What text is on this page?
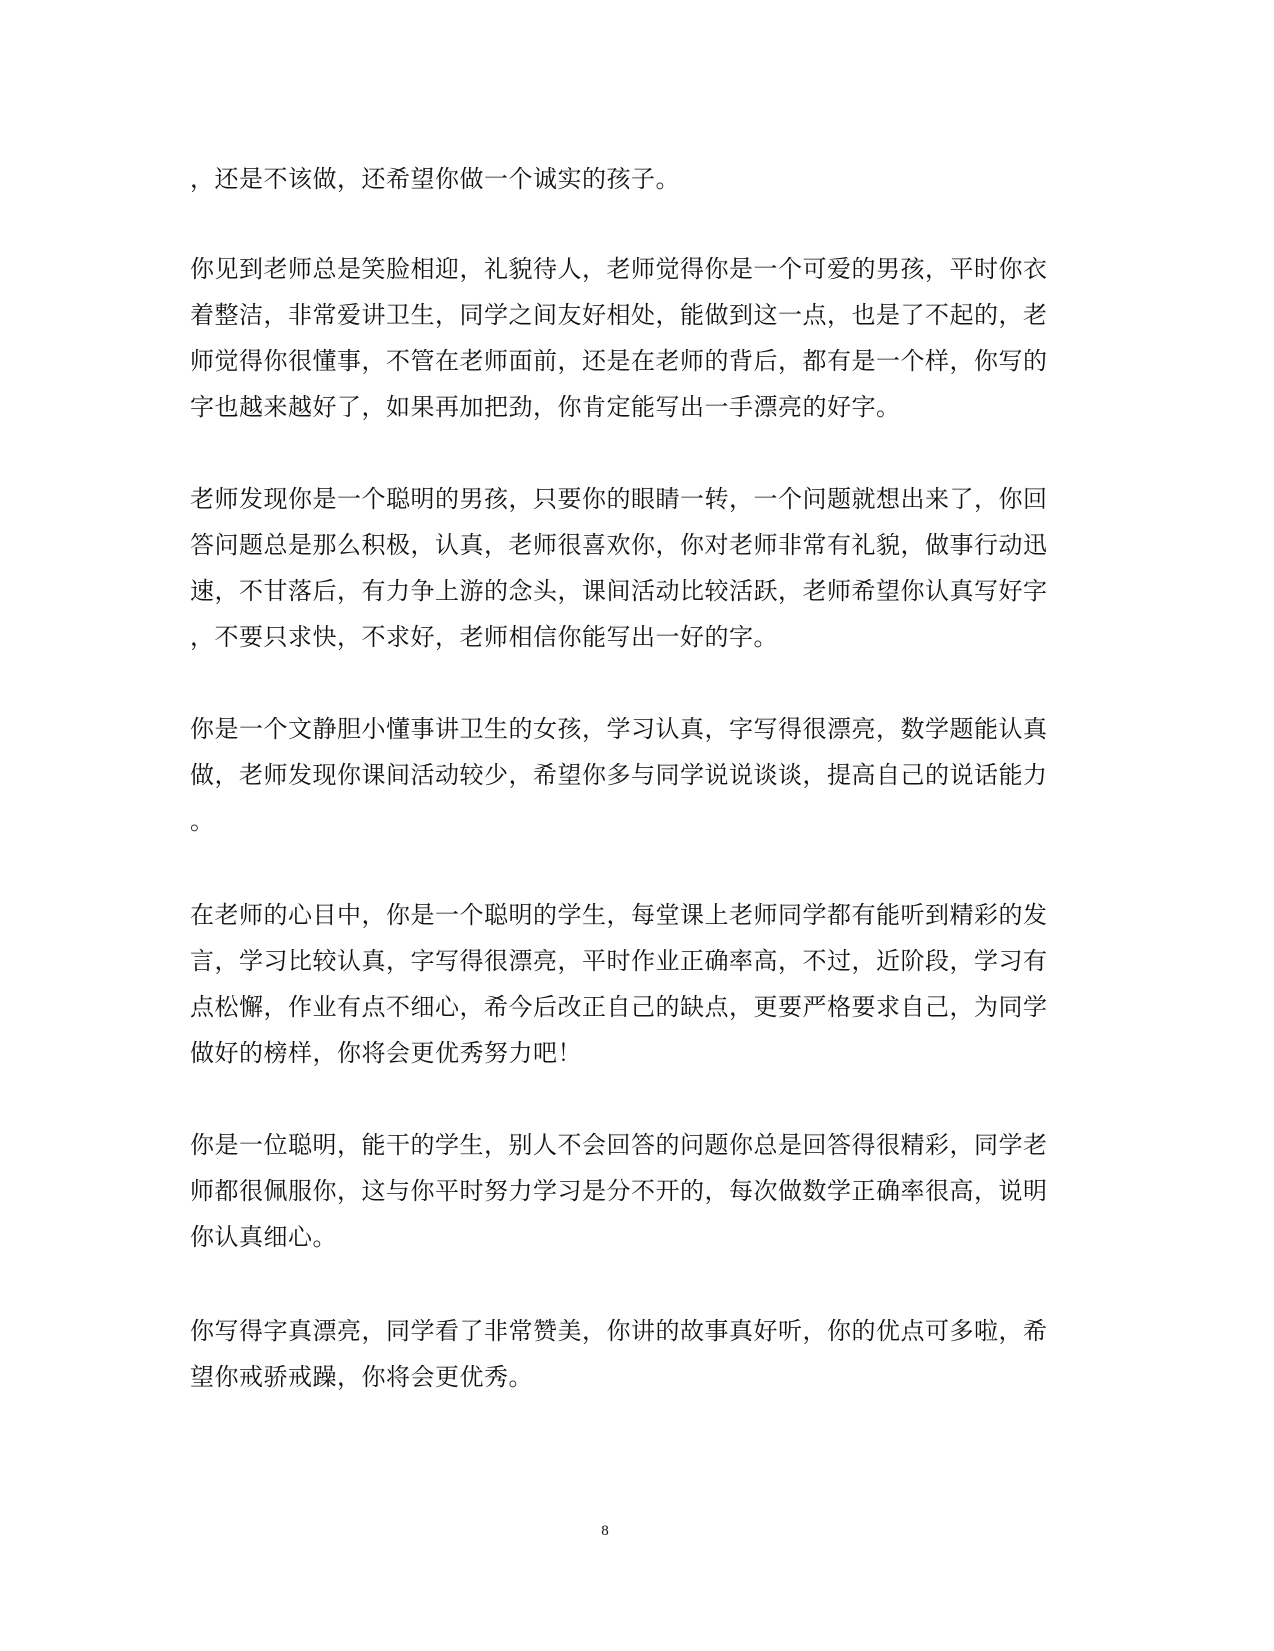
，还是不该做，还希望你做一个诚实的孩子。
你见到老师总是笑脸相迎，礼貌待人，老师觉得你是一个可爱的男孩，平时你衣
着整洁，非常爱讲卫生，同学之间友好相处，能做到这一点，也是了不起的，老
师觉得你很懂事，不管在老师面前，还是在老师的背后，都有是一个样，你写的
字也越来越好了，如果再加把劲，你肯定能写出一手漂亮的好字。
老师发现你是一个聪明的男孩，只要你的眼睛一转，一个问题就想出来了，你回
答问题总是那么积极，认真，老师很喜欢你，你对老师非常有礼貌，做事行动迅
速，不甘落后，有力争上游的念头，课间活动比较活跃，老师希望你认真写好字
，不要只求快，不求好，老师相信你能写出一好的字。
你是一个文静胆小懂事讲卫生的女孩，学习认真，字写得很漂亮，数学题能认真
做，老师发现你课间活动较少，希望你多与同学说说谈谈，提高自己的说话能力
。
在老师的心目中，你是一个聪明的学生，每堂课上老师同学都有能听到精彩的发
言，学习比较认真，字写得很漂亮，平时作业正确率高，不过，近阶段，学习有
点松懈，作业有点不细心，希今后改正自己的缺点，更要严格要求自己，为同学
做好的榜样，你将会更优秀努力吧！
你是一位聪明，能干的学生，别人不会回答的问题你总是回答得很精彩，同学老
师都很佩服你，这与你平时努力学习是分不开的，每次做数学正确率很高，说明
你认真细心。
你写得字真漂亮，同学看了非常赞美，你讲的故事真好听，你的优点可多啦，希
望你戒骄戒躁，你将会更优秀。
8
